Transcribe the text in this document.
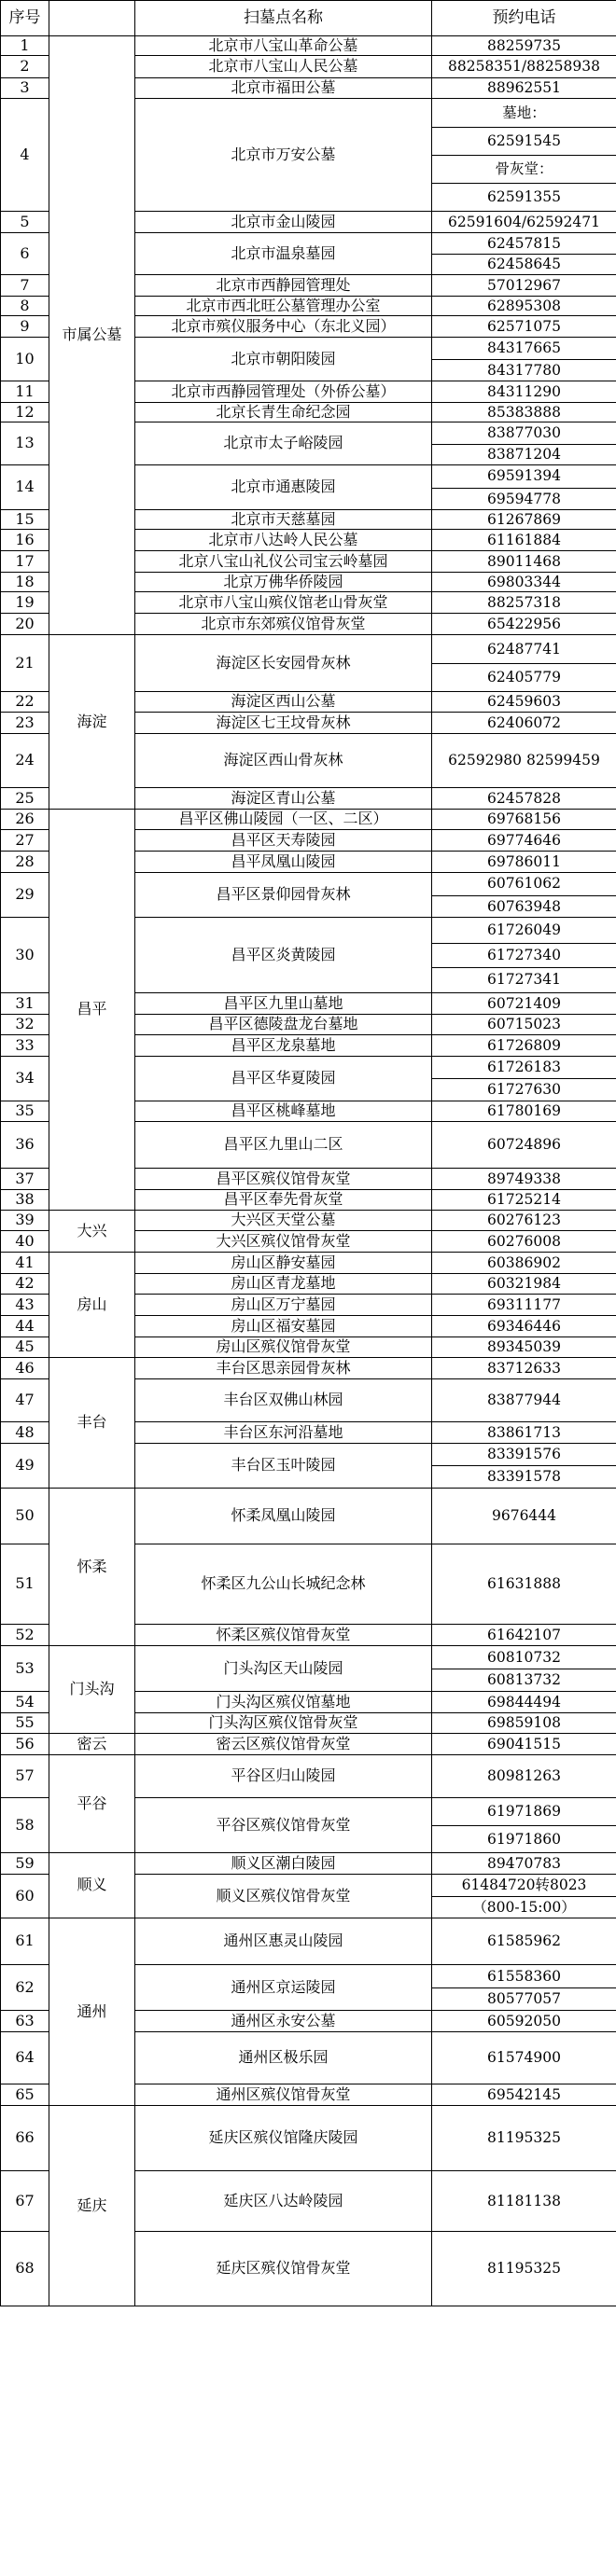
序号		扫墓点名称	预约电话
1	市属公墓	北京市八宝山革命公墓	88259735
2		北京市八宝山人民公墓	88258351/88258938
3		北京市福田公墓	88962551
4		北京市万安公墓	墓地：
62591545
骨灰堂：
62591355

5		北京市金山陵园	62591604/62592471
6		北京市温泉墓园	62457815
62458645

7		北京市西静园管理处	57012967
8		北京市西北旺公墓管理办公室	62895308
9		北京市殡仪服务中心（东北义园）	62571075
10		北京市朝阳陵园	84317665
84317780

11		北京市西静园管理处（外侨公墓）	84311290
12		北京长青生命纪念园	85383888
13		北京市太子峪陵园	83877030
83871204

14		北京市通惠陵园	69591394
69594778

15		北京市天慈墓园	61267869
16		北京市八达岭人民公墓	61161884
17		北京八宝山礼仪公司宝云岭墓园	89011468
18		北京万佛华侨陵园	69803344
19		北京市八宝山殡仪馆老山骨灰堂	88257318
20		北京市东郊殡仪馆骨灰堂	65422956
21	海淀	海淀区长安园骨灰林	62487741
62405779

22		海淀区西山公墓	62459603
23		海淀区七王坟骨灰林	62406072
24		海淀区西山骨灰林	62592980 82599459
25		海淀区青山公墓	62457828
26	昌平	昌平区佛山陵园（一区、二区）	69768156
27		昌平区天寿陵园	69774646
28		昌平凤凰山陵园	69786011
29		昌平区景仰园骨灰林	60761062
60763948

30		昌平区炎黄陵园	61726049
61727340
61727341

31		昌平区九里山墓地	60721409
32		昌平区德陵盘龙台墓地	60715023
33		昌平区龙泉墓地	61726809
34		昌平区华夏陵园	61726183
61727630

35		昌平区桃峰墓地	61780169
36		昌平区九里山二区	60724896
37		昌平区殡仪馆骨灰堂	89749338
38		昌平区奉先骨灰堂	61725214
39	大兴	大兴区天堂公墓	60276123
40		大兴区殡仪馆骨灰堂	60276008
41	房山	房山区静安墓园	60386902
42		房山区青龙墓地	60321984
43		房山区万宁墓园	69311177
44		房山区福安墓园	69346446
45		房山区殡仪馆骨灰堂	89345039
46	丰台	丰台区思亲园骨灰林	83712633
47		丰台区双佛山林园	83877944
48		丰台区东河沿墓地	83861713
49		丰台区玉叶陵园	83391576
83391578

50	怀柔	怀柔凤凰山陵园	9676444
51		怀柔区九公山长城纪念林	61631888
52		怀柔区殡仪馆骨灰堂	61642107
53	门头沟	门头沟区天山陵园	60810732
60813732

54		门头沟区殡仪馆墓地	69844494
55		门头沟区殡仪馆骨灰堂	69859108
56	密云	密云区殡仪馆骨灰堂	69041515
57	平谷	平谷区归山陵园	80981263
58		平谷区殡仪馆骨灰堂	61971869
61971860

59	顺义	顺义区潮白陵园	89470783
60		顺义区殡仪馆骨灰堂	61484720转8023
（800-15:00）

61	通州	通州区惠灵山陵园	61585962
62		通州区京运陵园	61558360
80577057

63		通州区永安公墓	60592050
64		通州区极乐园	61574900
65		通州区殡仪馆骨灰堂	69542145
66	延庆	延庆区殡仪馆隆庆陵园	81195325
67		延庆区八达岭陵园	81181138
68		延庆区殡仪馆骨灰堂	81195325
